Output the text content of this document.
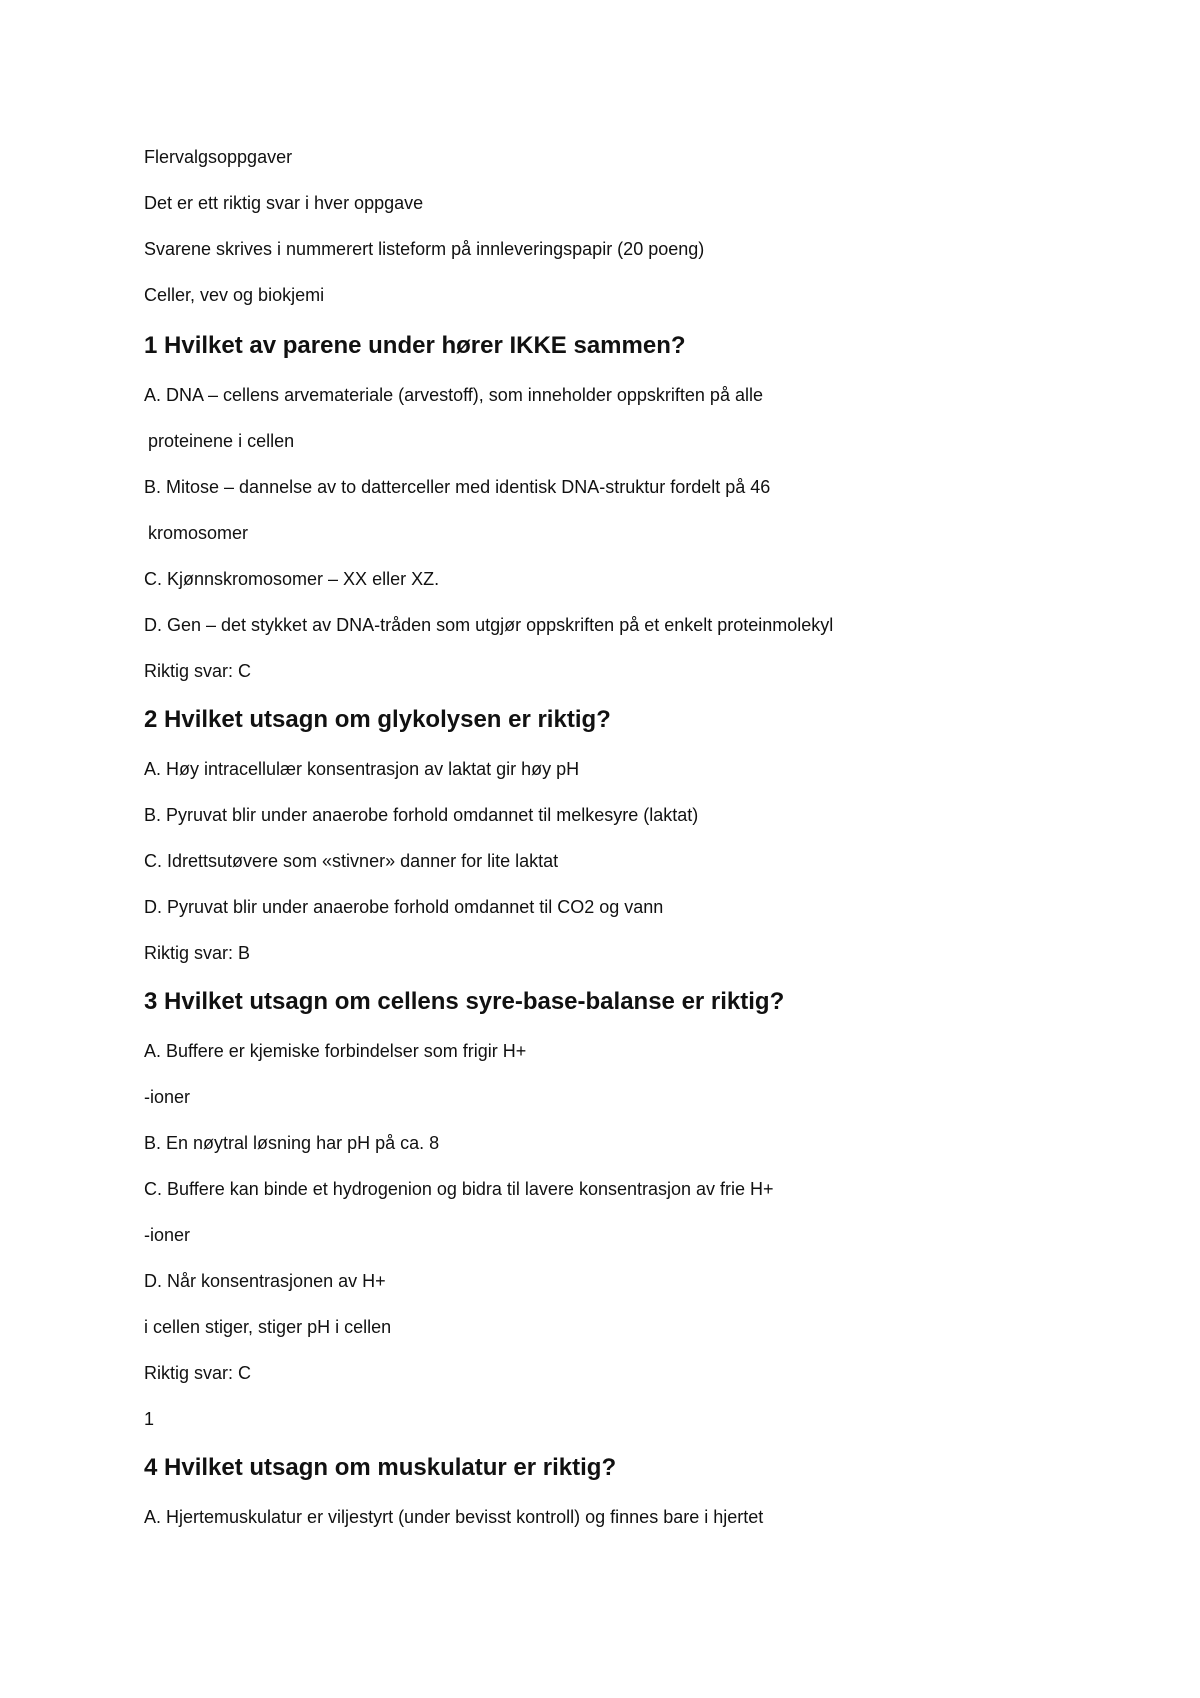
Flervalgsoppgaver

Det er ett riktig svar i hver oppgave

Svarene skrives i nummerert listeform på innleveringspapir (20 poeng)

Celler, vev og biokjemi

1 Hvilket av parene under hører IKKE sammen?

A. DNA – cellens arvemateriale (arvestoff), som inneholder oppskriften på alle

proteinene i cellen

B. Mitose – dannelse av to datterceller med identisk DNA-struktur fordelt på 46

kromosomer

C. Kjønnskromosomer – XX eller XZ.

D. Gen – det stykket av DNA-tråden som utgjør oppskriften på et enkelt proteinmolekyl

Riktig svar: C

2 Hvilket utsagn om glykolysen er riktig?

A. Høy intracellulær konsentrasjon av laktat gir høy pH

B. Pyruvat blir under anaerobe forhold omdannet til melkesyre (laktat)

C. Idrettsutøvere som «stivner» danner for lite laktat

D. Pyruvat blir under anaerobe forhold omdannet til CO2 og vann

Riktig svar: B

3 Hvilket utsagn om cellens syre-base-balanse er riktig?

A. Buffere er kjemiske forbindelser som frigir H+

-ioner

B. En nøytral løsning har pH på ca. 8

C. Buffere kan binde et hydrogenion og bidra til lavere konsentrasjon av frie H+

-ioner

D. Når konsentrasjonen av H+

i cellen stiger, stiger pH i cellen

Riktig svar: C

1

4 Hvilket utsagn om muskulatur er riktig?

A. Hjertemuskulatur er viljestyrt (under bevisst kontroll) og finnes bare i hjertet
